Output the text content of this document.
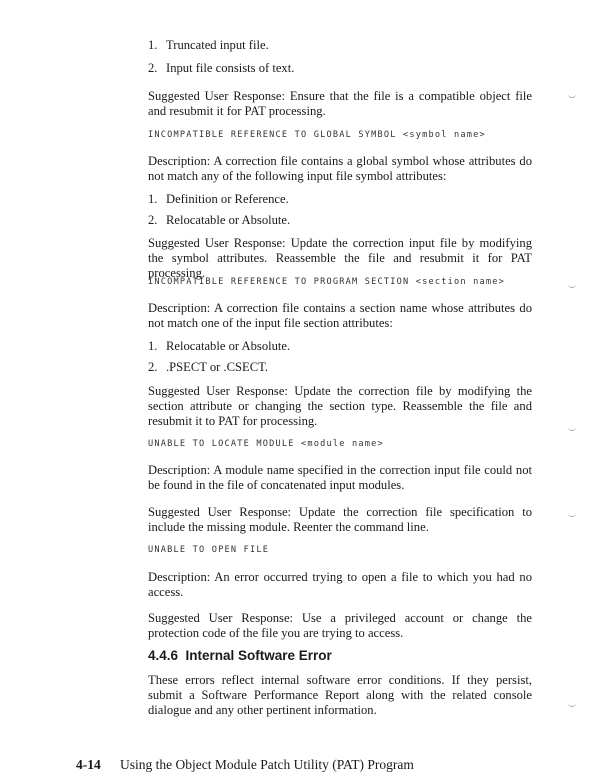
1. Truncated input file.
2. Input file consists of text.
Suggested User Response: Ensure that the file is a compatible object file and resubmit it for PAT processing.
INCOMPATIBLE REFERENCE TO GLOBAL SYMBOL <symbol name>
Description: A correction file contains a global symbol whose attributes do not match any of the following input file symbol attributes:
1. Definition or Reference.
2. Relocatable or Absolute.
Suggested User Response: Update the correction input file by modifying the symbol attributes. Reassemble the file and resubmit it for PAT processing.
INCOMPATIBLE REFERENCE TO PROGRAM SECTION <section name>
Description: A correction file contains a section name whose attributes do not match one of the input file section attributes:
1. Relocatable or Absolute.
2. .PSECT or .CSECT.
Suggested User Response: Update the correction file by modifying the section attribute or changing the section type. Reassemble the file and resubmit it to PAT for processing.
UNABLE TO LOCATE MODULE <module name>
Description: A module name specified in the correction input file could not be found in the file of concatenated input modules.
Suggested User Response: Update the correction file specification to include the missing module. Reenter the command line.
UNABLE TO OPEN FILE
Description: An error occurred trying to open a file to which you had no access.
Suggested User Response: Use a privileged account or change the protection code of the file you are trying to access.
4.4.6  Internal Software Error
These errors reflect internal software error conditions. If they persist, submit a Software Performance Report along with the related console dialogue and any other pertinent information.
4-14 Using the Object Module Patch Utility (PAT) Program
